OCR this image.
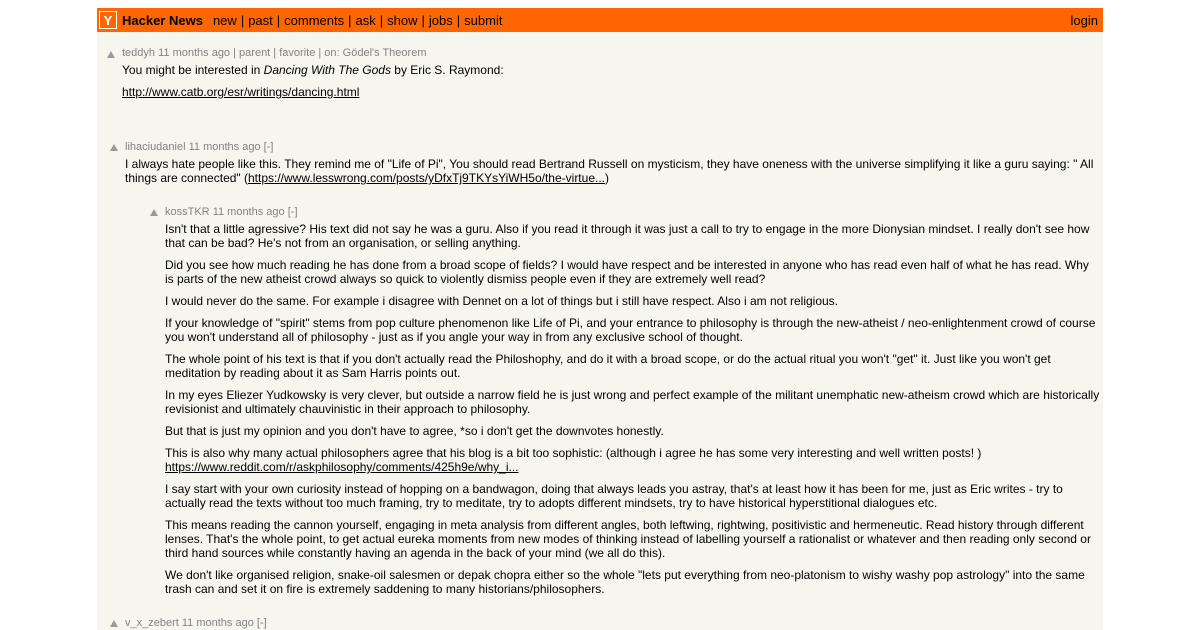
Y Hacker News new | past | comments | ask | show | jobs | submit	login
teddyh 11 months ago | parent | favorite | on: Gödel's Theorem

You might be interested in Dancing With The Gods by Eric S. Raymond:

http://www.catb.org/esr/writings/dancing.html

lihaciudaniel 11 months ago [-]

I always hate people like this. They remind me of "Life of Pi", You should read Bertrand Russell on mysticism, they have oneness with the universe simplifying it like a guru saying: " All things are connected" (https://www.lesswrong.com/posts/yDfxTj9TKYsYiWH5o/the-virtue...)

kossTKR 11 months ago [-]

Isn't that a little agressive? His text did not say he was a guru. Also if you read it through it was just a call to try to engage in the more Dionysian mindset. I really don't see how that can be bad? He's not from an organisation, or selling anything.

Did you see how much reading he has done from a broad scope of fields? I would have respect and be interested in anyone who has read even half of what he has read. Why is parts of the new atheist crowd always so quick to violently dismiss people even if they are extremely well read?

I would never do the same. For example i disagree with Dennet on a lot of things but i still have respect. Also i am not religious.

If your knowledge of "spirit" stems from pop culture phenomenon like Life of Pi, and your entrance to philosophy is through the new-atheist / neo-enlightenment crowd of course you won't understand all of philosophy - just as if you angle your way in from any exclusive school of thought.

The whole point of his text is that if you don't actually read the Philoshophy, and do it with a broad scope, or do the actual ritual you won't "get" it. Just like you won't get meditation by reading about it as Sam Harris points out.

In my eyes Eliezer Yudkowsky is very clever, but outside a narrow field he is just wrong and perfect example of the militant unemphatic new-atheism crowd which are historically revisionist and ultimately chauvinistic in their approach to philosophy.

But that is just my opinion and you don't have to agree, *so i don't get the downvotes honestly.

This is also why many actual philosophers agree that his blog is a bit too sophistic: (although i agree he has some very interesting and well written posts! )
https://www.reddit.com/r/askphilosophy/comments/425h9e/why_i...

I say start with your own curiosity instead of hopping on a bandwagon, doing that always leads you astray, that's at least how it has been for me, just as Eric writes - try to actually read the texts without too much framing, try to meditate, try to adopts different mindsets, try to have historical hyperstitional dialogues etc.

This means reading the cannon yourself, engaging in meta analysis from different angles, both leftwing, rightwing, positivistic and hermeneutic. Read history through different lenses. That's the whole point, to get actual eureka moments from new modes of thinking instead of labelling yourself a rationalist or whatever and then reading only second or third hand sources while constantly having an agenda in the back of your mind (we all do this).

We don't like organised religion, snake-oil salesmen or depak chopra either so the whole "lets put everything from neo-platonism to wishy washy pop astrology" into the same trash can and set it on fire is extremely saddening to many historians/philosophers.

v_x_zebert 11 months ago [-]
